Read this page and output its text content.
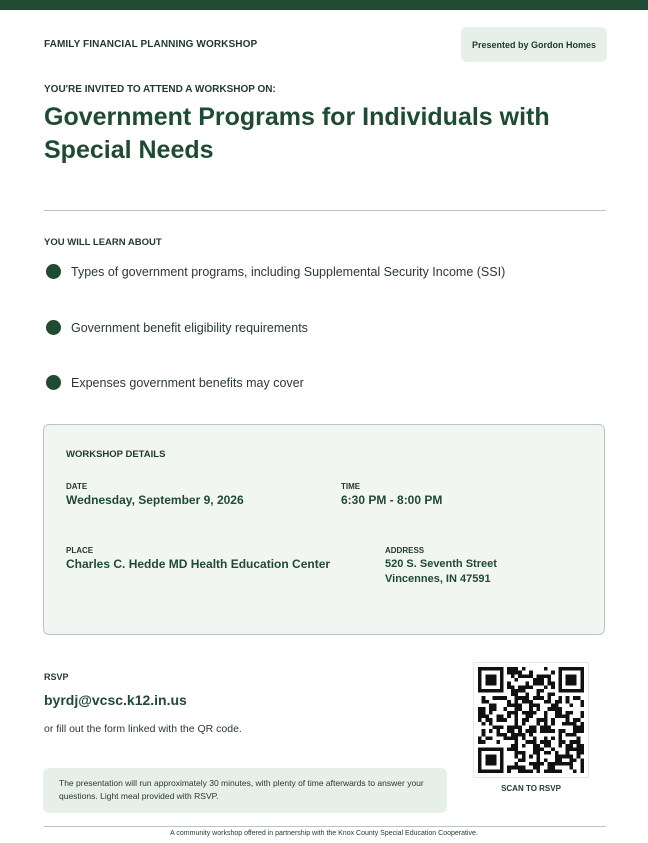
FAMILY FINANCIAL PLANNING WORKSHOP	Presented by Gordon Homes
YOU'RE INVITED TO ATTEND A WORKSHOP ON:
Government Programs for Individuals with Special Needs
YOU WILL LEARN ABOUT
Types of government programs, including Supplemental Security Income (SSI)
Government benefit eligibility requirements
Expenses government benefits may cover
WORKSHOP DETAILS
DATE
Wednesday, September 9, 2026
TIME
6:30 PM - 8:00 PM
PLACE
Charles C. Hedde MD Health Education Center
ADDRESS
520 S. Seventh Street
Vincennes, IN 47591
RSVP
byrdj@vcsc.k12.in.us
or fill out the form linked with the QR code.
The presentation will run approximately 30 minutes, with plenty of time afterwards to answer your questions. Light meal provided with RSVP.
SCAN TO RSVP
A community workshop offered in partnership with the Knox County Special Education Cooperative.
